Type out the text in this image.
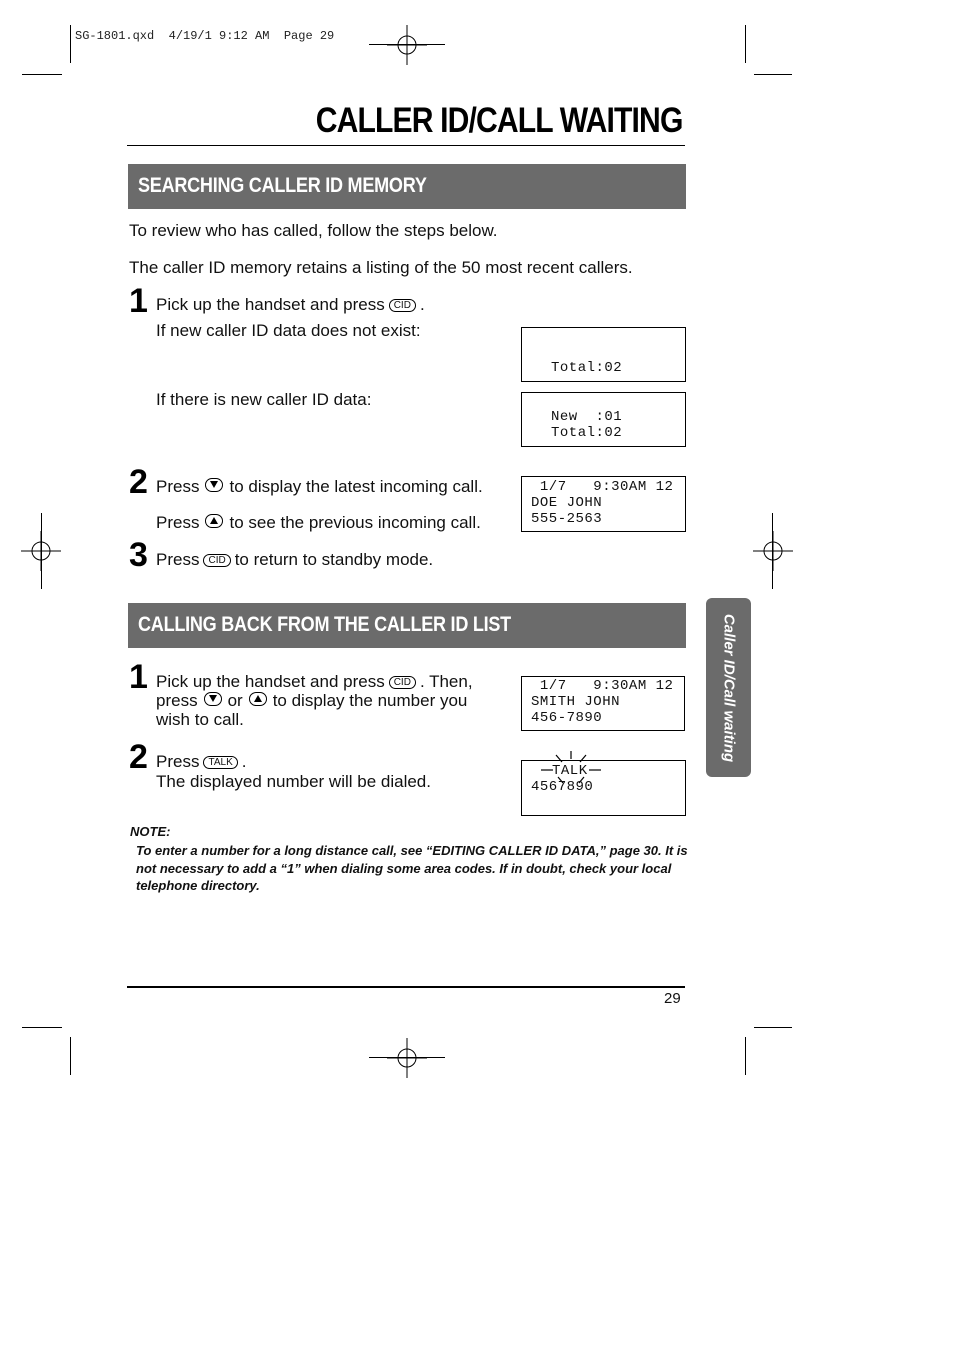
SG-1801.qxd  4/19/1 9:12 AM  Page 29
CALLER ID/CALL WAITING
SEARCHING CALLER ID MEMORY
To review who has called, follow the steps below.
The caller ID memory retains a listing of the 50 most recent callers.
1 Pick up the handset and press CID .
If new caller ID data does not exist:
If there is new caller ID data:
Total:02
New  :01
Total:02
2 Press to display the latest incoming call.
Press to see the previous incoming call.
1/7   9:30AM 12
DOE JOHN
555-2563
3 Press CID to return to standby mode.
CALLING BACK FROM THE CALLER ID LIST
1 Pick up the handset and press CID . Then,
press or to display the number you
wish to call.
1/7   9:30AM 12
SMITH JOHN
456-7890
2 Press TALK .
The displayed number will be dialed.
TALK
4567890
NOTE:
To enter a number for a long distance call, see “EDITING CALLER ID DATA,” page 30. It is not necessary to add a “1” when dialing some area codes. If in doubt, check your local telephone directory.
Caller ID/Call waiting
29
